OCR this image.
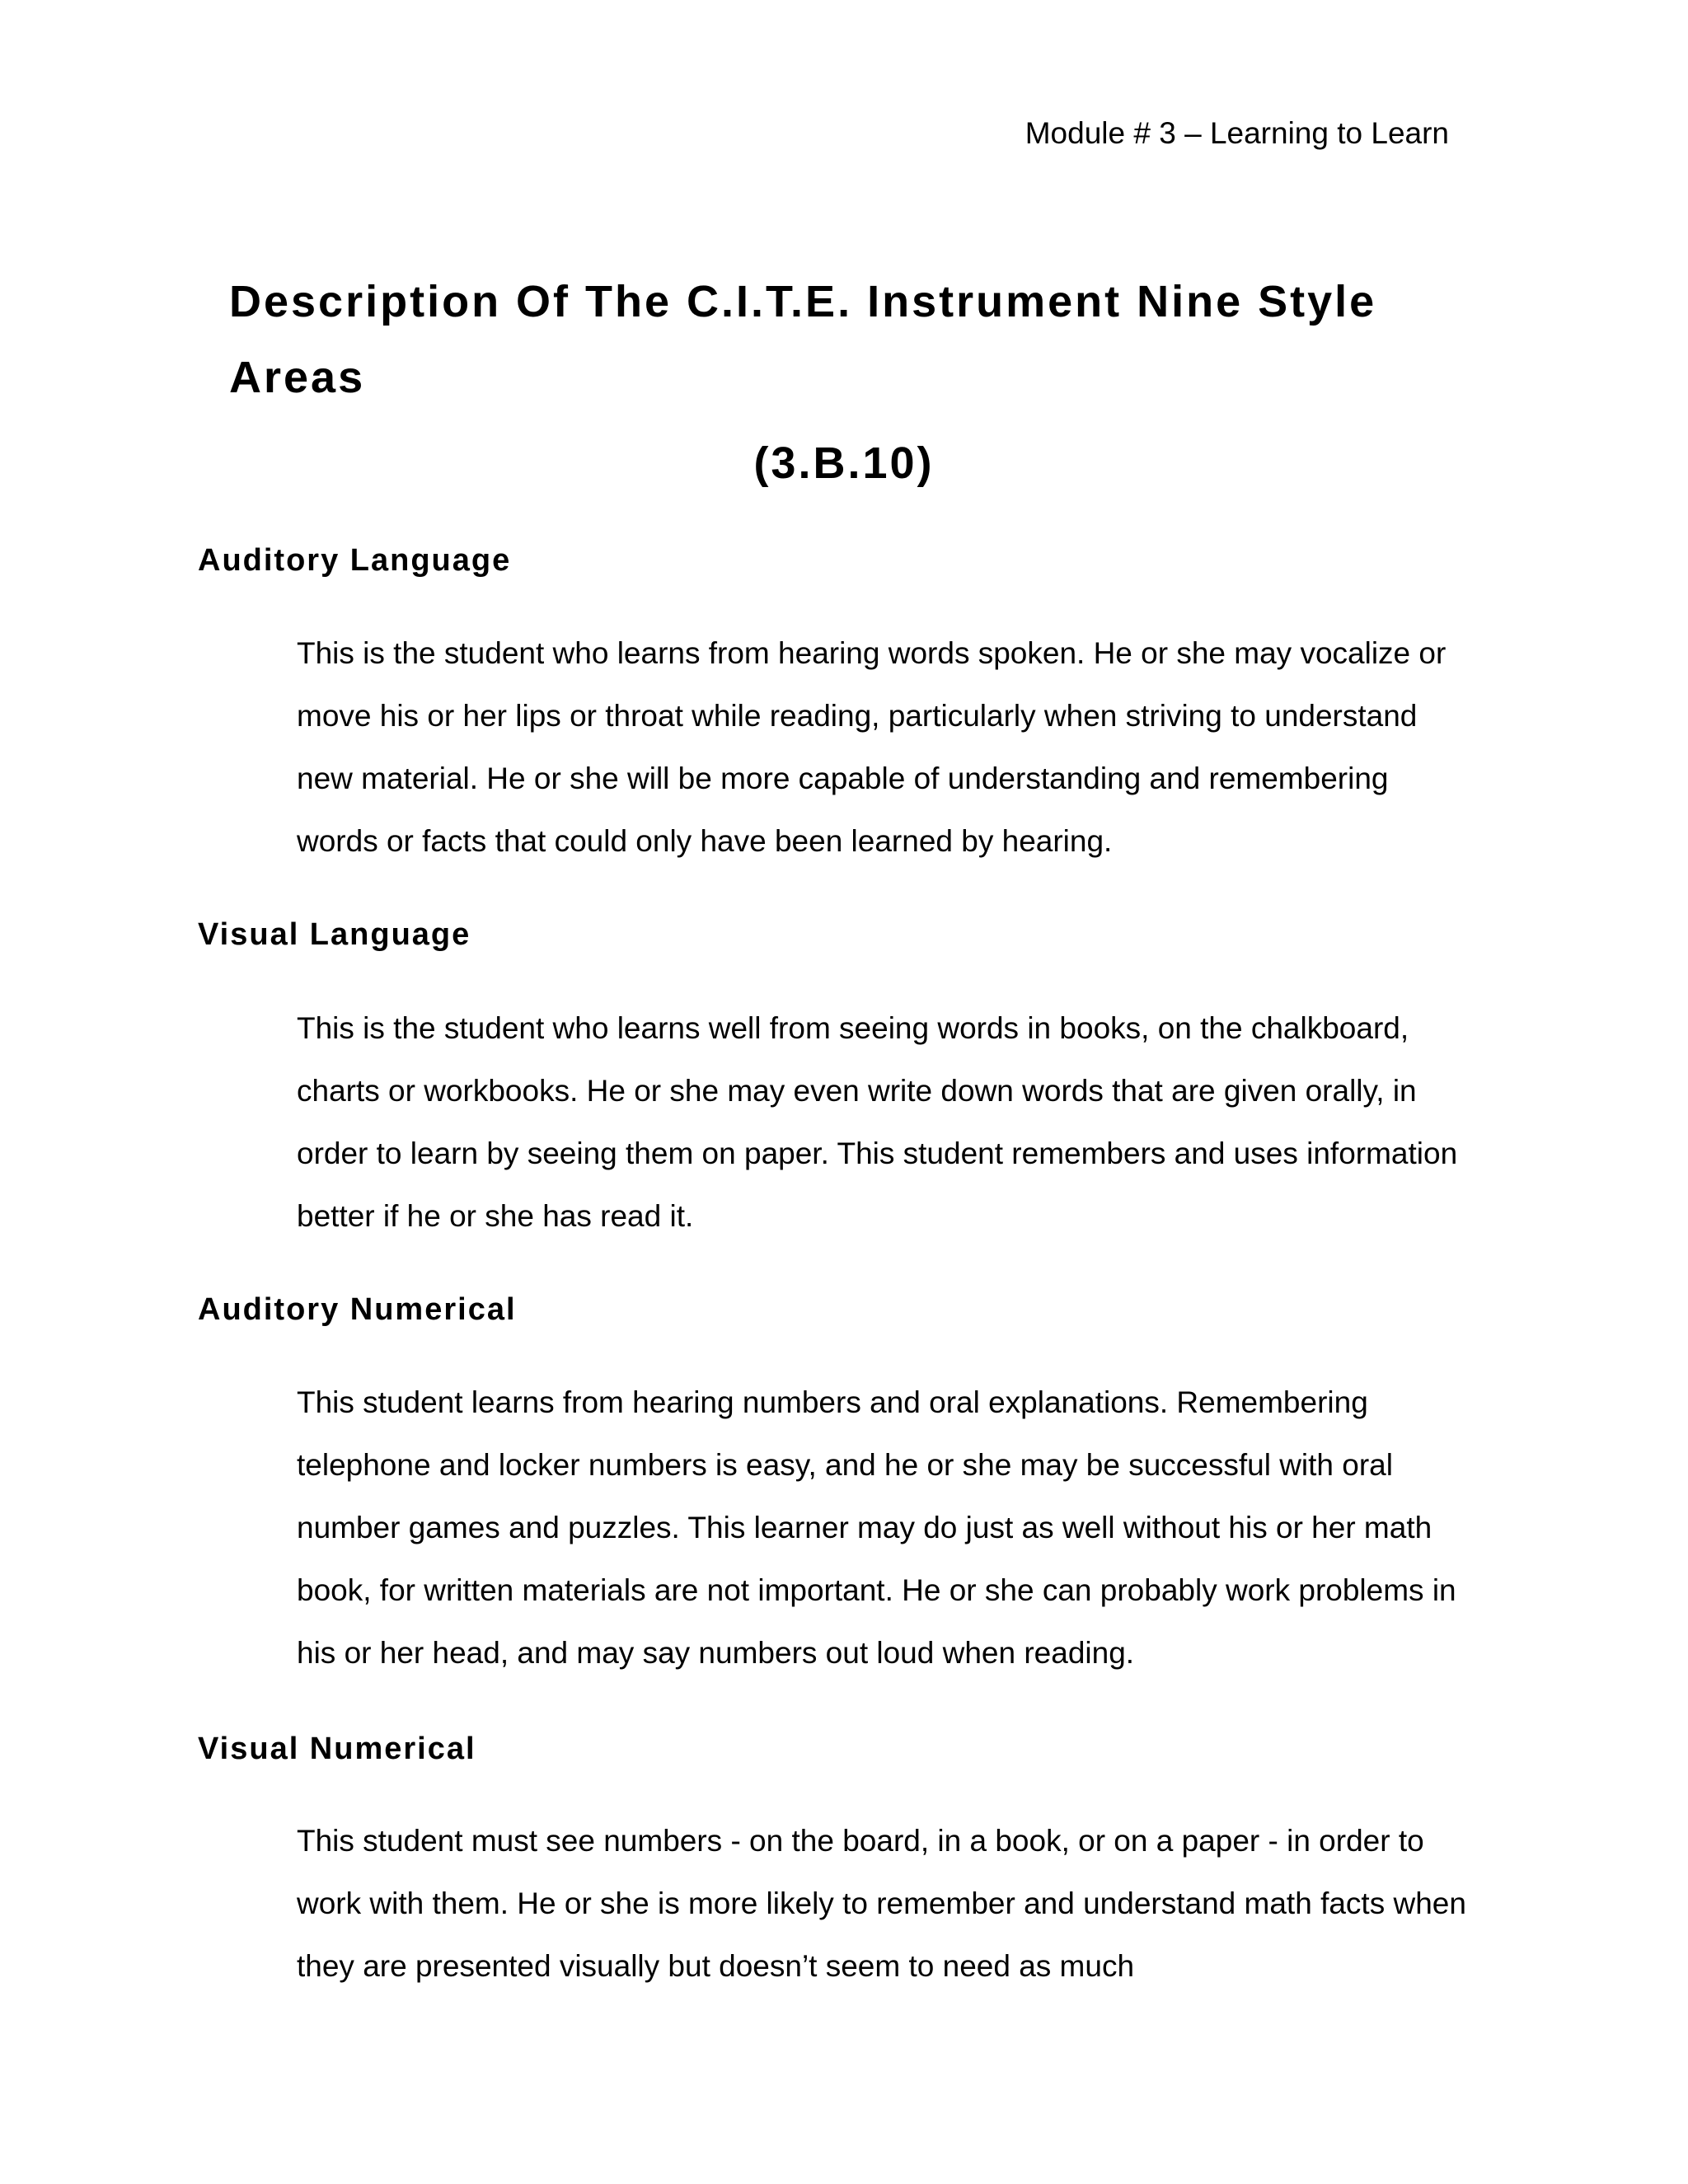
Module # 3 – Learning to Learn
Description Of The C.I.T.E. Instrument Nine Style Areas
(3.B.10)
Auditory Language

This is the student who learns from hearing words spoken. He or she may vocalize or move his or her lips or throat while reading, particularly when striving to understand new material. He or she will be more capable of understanding and remembering words or facts that could only have been learned by hearing.

Visual Language

This is the student who learns well from seeing words in books, on the chalkboard, charts or workbooks. He or she may even write down words that are given orally, in order to learn by seeing them on paper. This student remembers and uses information better if he or she has read it.

Auditory Numerical

This student learns from hearing numbers and oral explanations. Remembering telephone and locker numbers is easy, and he or she may be successful with oral number games and puzzles. This learner may do just as well without his or her math book, for written materials are not important. He or she can probably work problems in his or her head, and may say numbers out loud when reading.

Visual Numerical

This student must see numbers - on the board, in a book, or on a paper - in order to work with them. He or she is more likely to remember and understand math facts when they are presented visually but doesn’t seem to need as much
